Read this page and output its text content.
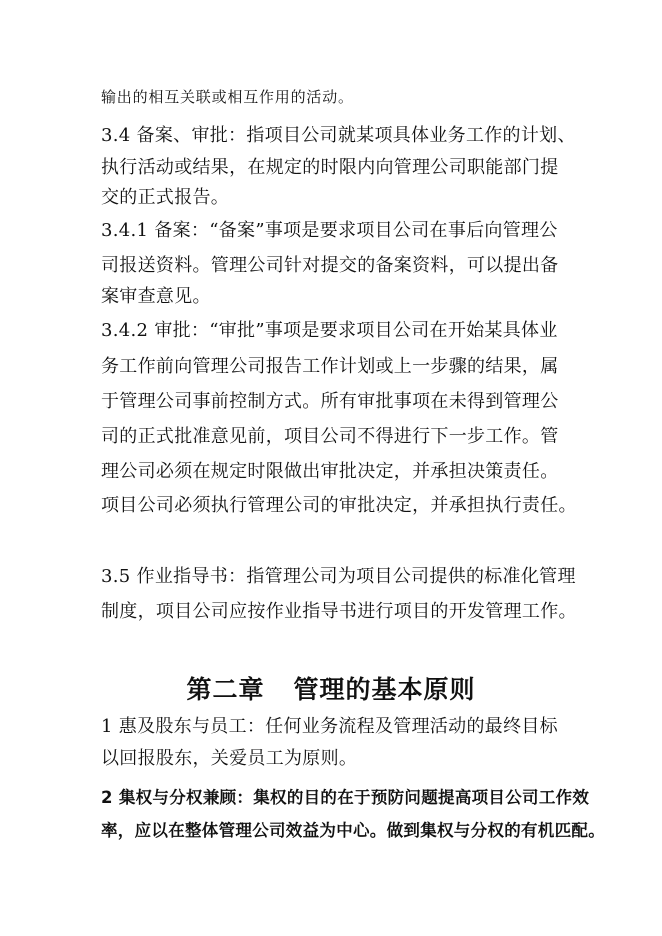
输出的相互关联或相互作用的活动。
3.4 备案、审批：指项目公司就某项具体业务工作的计划、
执行活动或结果，在规定的时限内向管理公司职能部门提
交的正式报告。
3.4.1 备案：“备案”事项是要求项目公司在事后向管理公
司报送资料。管理公司针对提交的备案资料，可以提出备
案审查意见。
3.4.2 审批：“审批”事项是要求项目公司在开始某具体业
务工作前向管理公司报告工作计划或上一步骤的结果，属
于管理公司事前控制方式。所有审批事项在未得到管理公
司的正式批准意见前，项目公司不得进行下一步工作。管
理公司必须在规定时限做出审批决定，并承担决策责任。
项目公司必须执行管理公司的审批决定，并承担执行责任。
3.5 作业指导书：指管理公司为项目公司提供的标准化管理
制度，项目公司应按作业指导书进行项目的开发管理工作。
第二章   管理的基本原则
1 惠及股东与员工：任何业务流程及管理活动的最终目标
以回报股东，关爱员工为原则。
2 集权与分权兼顾：集权的目的在于预防问题提高项目公司工作效
率，应以在整体管理公司效益为中心。做到集权与分权的有机匹配。
